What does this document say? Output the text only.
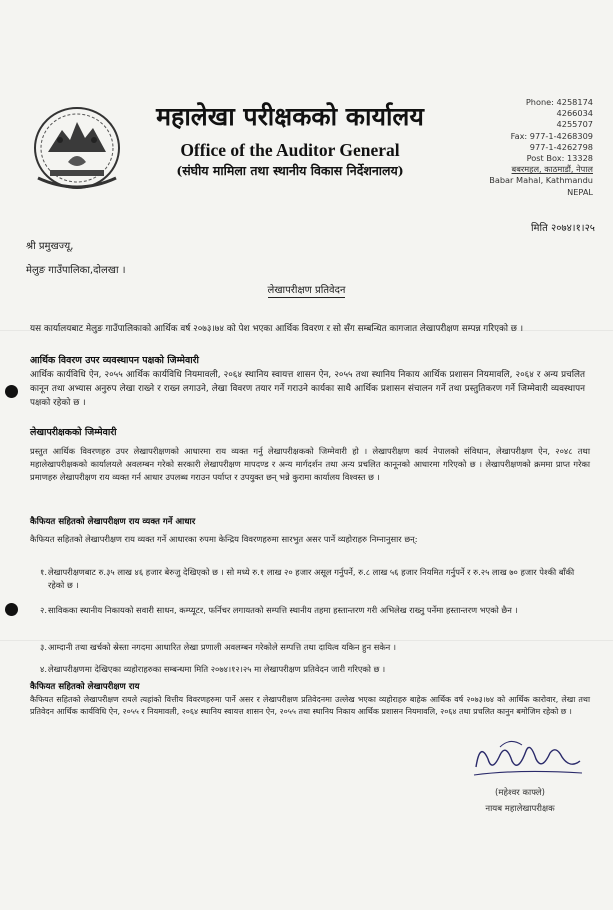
महालेखा परीक्षकको कार्यालय
Office of the Auditor General
(संघीय मामिला तथा स्थानीय विकास निर्देशनालय)
Phone: 4258174
4266034
4255707
Fax: 977-1-4268309
977-1-4262798
Post Box: 13328
बबरमहल, काठमाडौं, नेपाल
Babar Mahal, Kathmandu
NEPAL
मिति २०७४।१।२५
श्री प्रमुखज्यू,
मेलुङ गाउँपालिका,दोलखा ।
लेखापरीक्षण प्रतिवेदन
यस कार्यालयबाट मेलुङ गाउँपालिकाको आर्थिक वर्ष २०७३।७४ को पेश भएका आर्थिक विवरण र सो सँग सम्बन्धित कागजात लेखापरीक्षण सम्पन्न गरिएको छ ।
आर्थिक विवरण उपर व्यवस्थापन पक्षको जिम्मेवारी
आर्थिक कार्यविधि ऐन, २०५५ आर्थिक कार्यविधि नियमावली, २०६४ स्थानिय स्वायत्त शासन ऐन, २०५५ तथा स्थानिय निकाय आर्थिक प्रशासन नियमावलि, २०६४ र अन्य प्रचलित कानून तथा अभ्यास अनुरुप लेखा राख्ने र राख्न लगाउने, लेखा विवरण तयार गर्ने गराउने कार्यका साथै आर्थिक प्रशासन संचालन गर्ने तथा प्रस्तुतिकरण गर्ने जिम्मेवारी व्यवस्थापन पक्षको रहेको छ ।
लेखापरीक्षकको जिम्मेवारी
प्रस्तुत आर्थिक विवरणहरु उपर लेखापरीक्षणको आधारमा राय व्यक्त गर्नु लेखापरीक्षकको जिम्मेवारी हो । लेखापरीक्षण कार्य नेपालको संविधान, लेखापरीक्षण ऐन, २०४८ तथा महालेखापरीक्षकको कार्यालयले अवलम्बन गरेको सरकारी लेखापरीक्षण मापदण्ड र अन्य मार्गदर्शन तथा अन्य प्रचलित कानूनको आधारमा गरिएको छ । लेखापरीक्षणको क्रममा प्राप्त गरेका प्रमाणहरु लेखापरीक्षण राय व्यक्त गर्न आधार उपलब्ध गराउन पर्याप्त र उपयुक्त छन् भन्ने कुरामा कार्यालय विश्वस्त छ ।
कैफियत सहितको लेखापरीक्षण राय व्यक्त गर्ने आधार
कैफियत सहितको लेखापरीक्षण राय व्यक्त गर्ने आधारका रुपमा केन्द्रिय विवरणहरुमा सारभुत असर पार्ने व्यहोराहरु निम्नानुसार छन्:
१. लेखापरीक्षणबाट रु.३५ लाख ४६ हजार बेरुजु देखिएको छ । सो मध्ये रु.१ लाख २० हजार असूल गर्नुपर्ने, रु.८ लाख ५६ हजार नियमित गर्नुपर्ने र रु.२५ लाख ७० हजार पेश्की बाँकी रहेको छ ।
२. साविकका स्थानीय निकायको सवारी साधन, कम्प्यूटर, फर्निचर लगायतको सम्पत्ति स्थानीय तहमा हस्तान्तरण गरी अभिलेख राख्नु पर्नेमा हस्तान्तरण भएको छैन ।
३. आम्दानी तथा खर्चको स्रेस्ता नगदमा आधारित लेखा प्रणाली अवलम्बन गरेकोले सम्पत्ति तथा दायित्व यकिन हुन सकेन ।
४. लेखापरीक्षणमा देखिएका व्यहोराहरुका सम्बन्धमा मिति २०७४।१२।२५ मा लेखापरीक्षण प्रतिवेदन जारी गरिएको छ ।
कैफियत सहितको लेखापरीक्षण राय
कैफियत सहितको लेखापरीक्षण रायले त्यहांको वित्तीय विवरणहरुमा पार्ने असर र लेखापरीक्षण प्रतिवेदनमा उल्लेख भएका व्यहोराहरु बाहेक आर्थिक वर्ष २०७३।७४ को आर्थिक कारोवार, लेखा तथा प्रतिवेदन आर्थिक कार्यविधि ऐन, २०५५ र नियमावली, २०६४ स्थानिय स्वायत्त शासन ऐन, २०५५ तथा स्थानिय निकाय आर्थिक प्रशासन नियमावलि, २०६४ तथा प्रचलित कानुन बमोजिम रहेको छ ।
(महेश्वर काफ्ले)
नायब महालेखापरीक्षक
